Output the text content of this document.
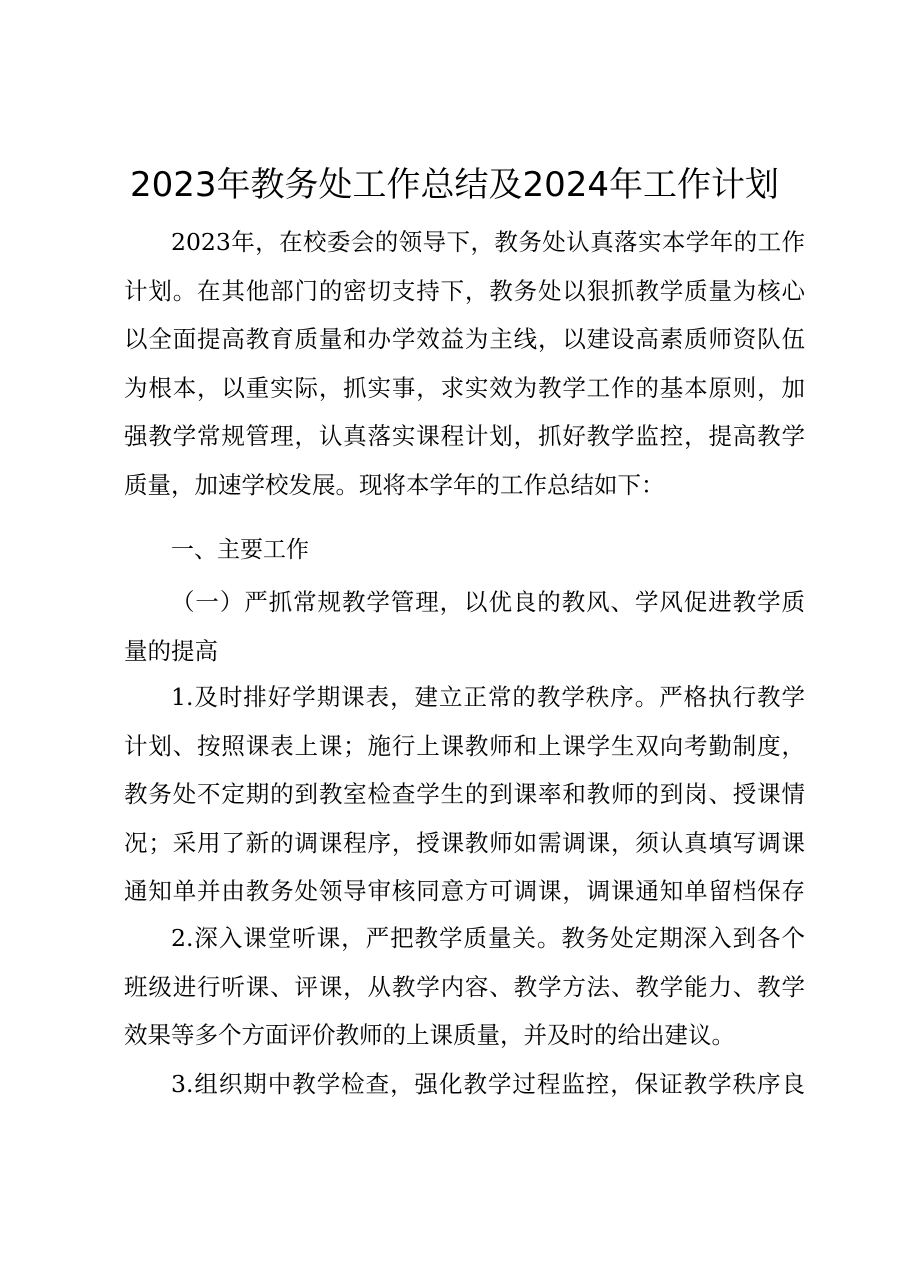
2023年教务处工作总结及2024年工作计划
2023年，在校委会的领导下，教务处认真落实本学年的工作
计划。在其他部门的密切支持下，教务处以狠抓教学质量为核心
以全面提高教育质量和办学效益为主线，以建设高素质师资队伍
为根本，以重实际，抓实事，求实效为教学工作的基本原则，加
强教学常规管理，认真落实课程计划，抓好教学监控，提高教学
质量，加速学校发展。现将本学年的工作总结如下：
一、主要工作
（一）严抓常规教学管理，以优良的教风、学风促进教学质
量的提高
1.及时排好学期课表，建立正常的教学秩序。严格执行教学
计划、按照课表上课；施行上课教师和上课学生双向考勤制度，
教务处不定期的到教室检查学生的到课率和教师的到岗、授课情
况；采用了新的调课程序，授课教师如需调课，须认真填写调课
通知单并由教务处领导审核同意方可调课，调课通知单留档保存
2.深入课堂听课，严把教学质量关。教务处定期深入到各个
班级进行听课、评课，从教学内容、教学方法、教学能力、教学
效果等多个方面评价教师的上课质量，并及时的给出建议。
3.组织期中教学检查，强化教学过程监控，保证教学秩序良
